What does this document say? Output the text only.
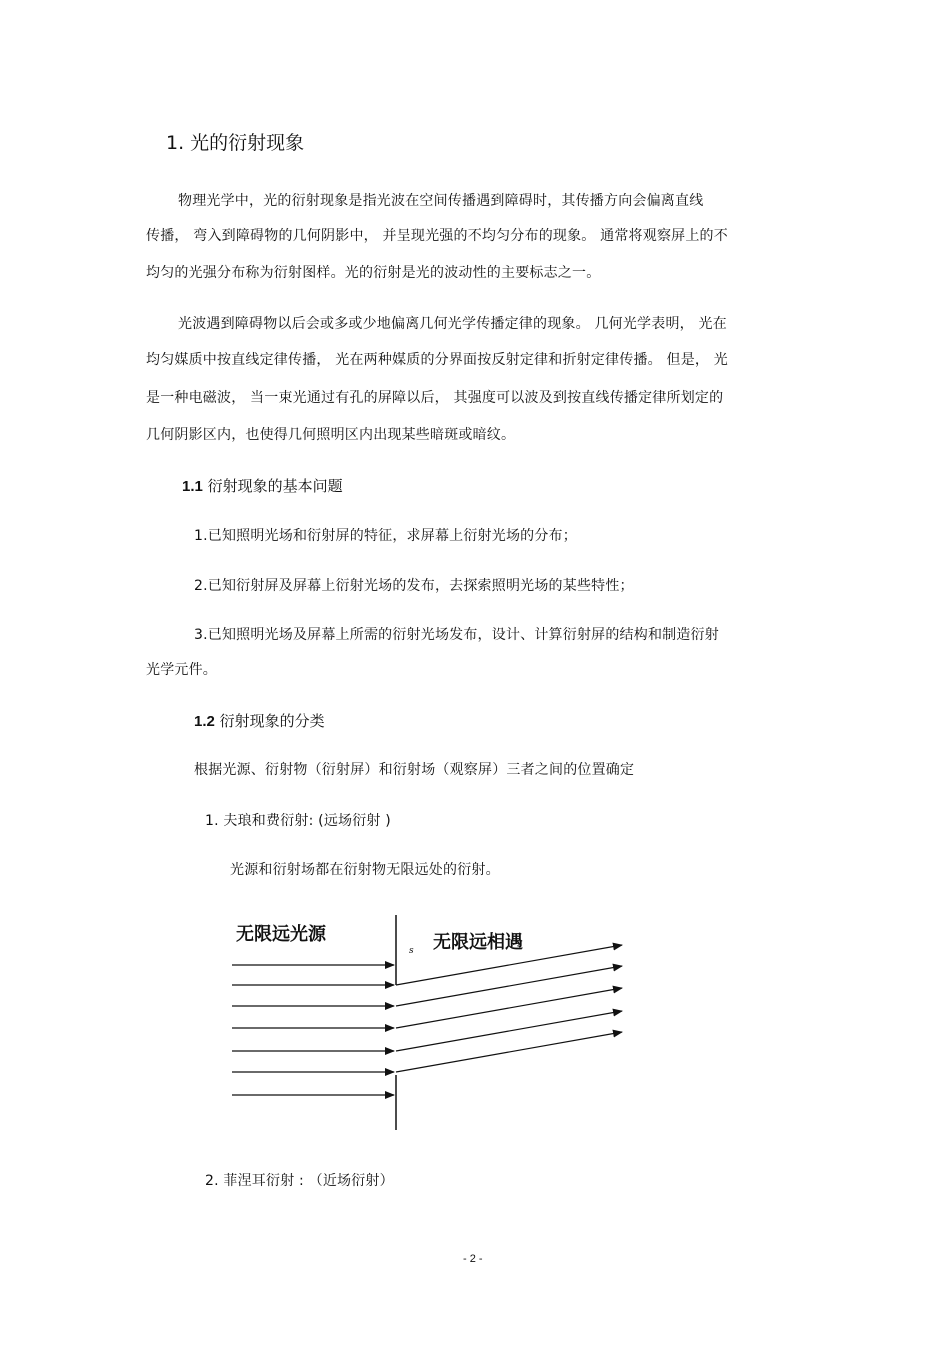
1. 光的衍射现象
物理光学中，光的衍射现象是指光波在空间传播遇到障碍时，其传播方向会偏离直线
传播， 弯入到障碍物的几何阴影中， 并呈现光强的不均匀分布的现象。 通常将观察屏上的不
均匀的光强分布称为衍射图样。光的衍射是光的波动性的主要标志之一。
光波遇到障碍物以后会或多或少地偏离几何光学传播定律的现象。 几何光学表明， 光在
均匀媒质中按直线定律传播， 光在两种媒质的分界面按反射定律和折射定律传播。 但是， 光
是一种电磁波， 当一束光通过有孔的屏障以后， 其强度可以波及到按直线传播定律所划定的
几何阴影区内，也使得几何照明区内出现某些暗斑或暗纹。
1.1 衍射现象的基本问题
1.已知照明光场和衍射屏的特征，求屏幕上衍射光场的分布；
2.已知衍射屏及屏幕上衍射光场的发布，去探索照明光场的某些特性；
3.已知照明光场及屏幕上所需的衍射光场发布，设计、计算衍射屏的结构和制造衍射
光学元件。
1.2 衍射现象的分类
根据光源、衍射物（衍射屏）和衍射场（观察屏）三者之间的位置确定
1. 夫琅和费衍射: (远场衍射 )
光源和衍射场都在衍射物无限远处的衍射。
无限远光源	无限远相遇
s
2. 菲涅耳衍射 : （近场衍射）
- 2 -
